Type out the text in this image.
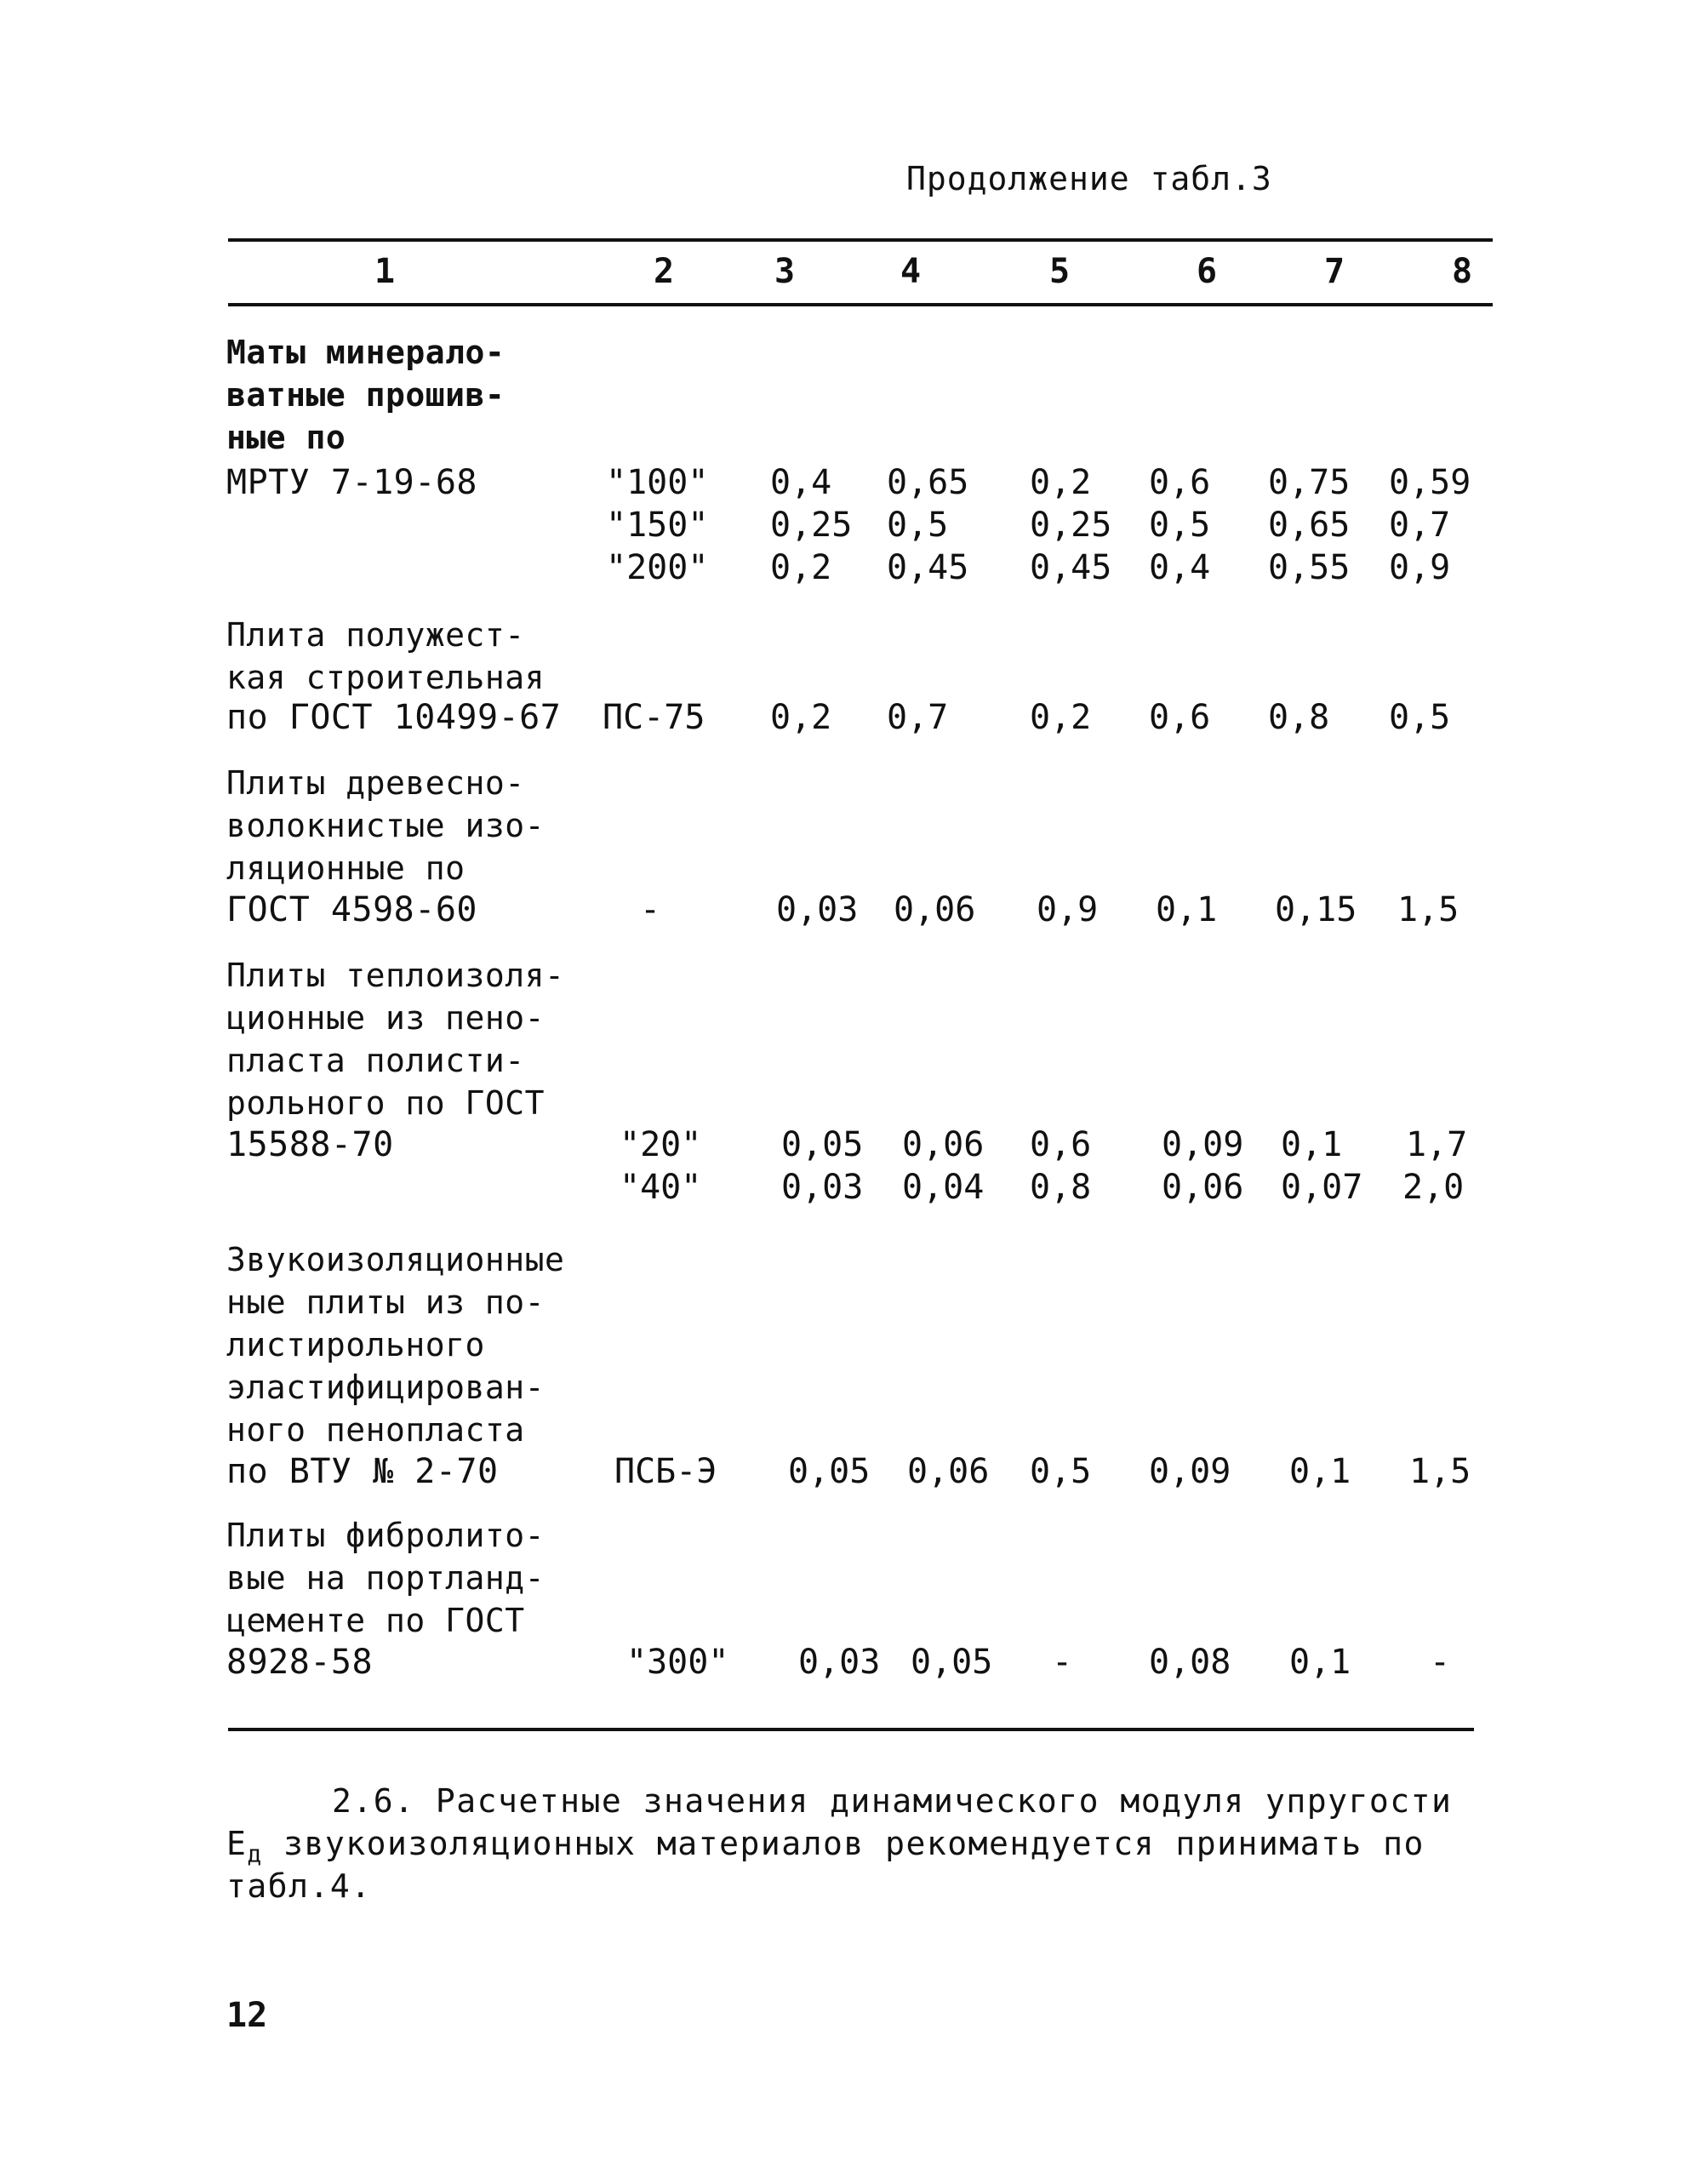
Продолжение табл.3
1	2	3	4	5	6	7	8
Маты минерало-
ватные прошив-
ные по
МРТУ 7-19-68	"100" 0,4 0,65 0,2 0,6 0,75 0,59
"150" 0,25 0,5 0,25 0,5 0,65 0,7
"200" 0,2 0,45 0,45 0,4 0,55 0,9
Плита полужест-
кая строительная
по ГОСТ 10499-67 ПС-75 0,2 0,7 0,2 0,6 0,8 0,5
Плиты древесно-
волокнистые изо-
ляционные по
ГОСТ 4598-60	-	0,03 0,06 0,9 0,1 0,15 1,5
Плиты теплоизоля-
ционные из пено-
пласта полисти-
рольного по ГОСТ
15588-70	"20" 0,05 0,06 0,6 0,09 0,1 1,7
"40" 0,03 0,04 0,8 0,06 0,07 2,0
Звукоизоляционные
ные плиты из по-
листирольного
эластифицирован-
ного пенопласта
по ВТУ № 2-70	ПСБ-Э 0,05 0,06 0,5 0,09 0,1 1,5
Плиты фибролито-
вые на портланд-
цементе по ГОСТ
8928-58	"300" 0,03 0,05 - 0,08 0,1 -
2.6. Расчетные значения динамического модуля упругости
$Е_д$ звукоизоляционных материалов рекомендуется принимать по
табл.4.
12
